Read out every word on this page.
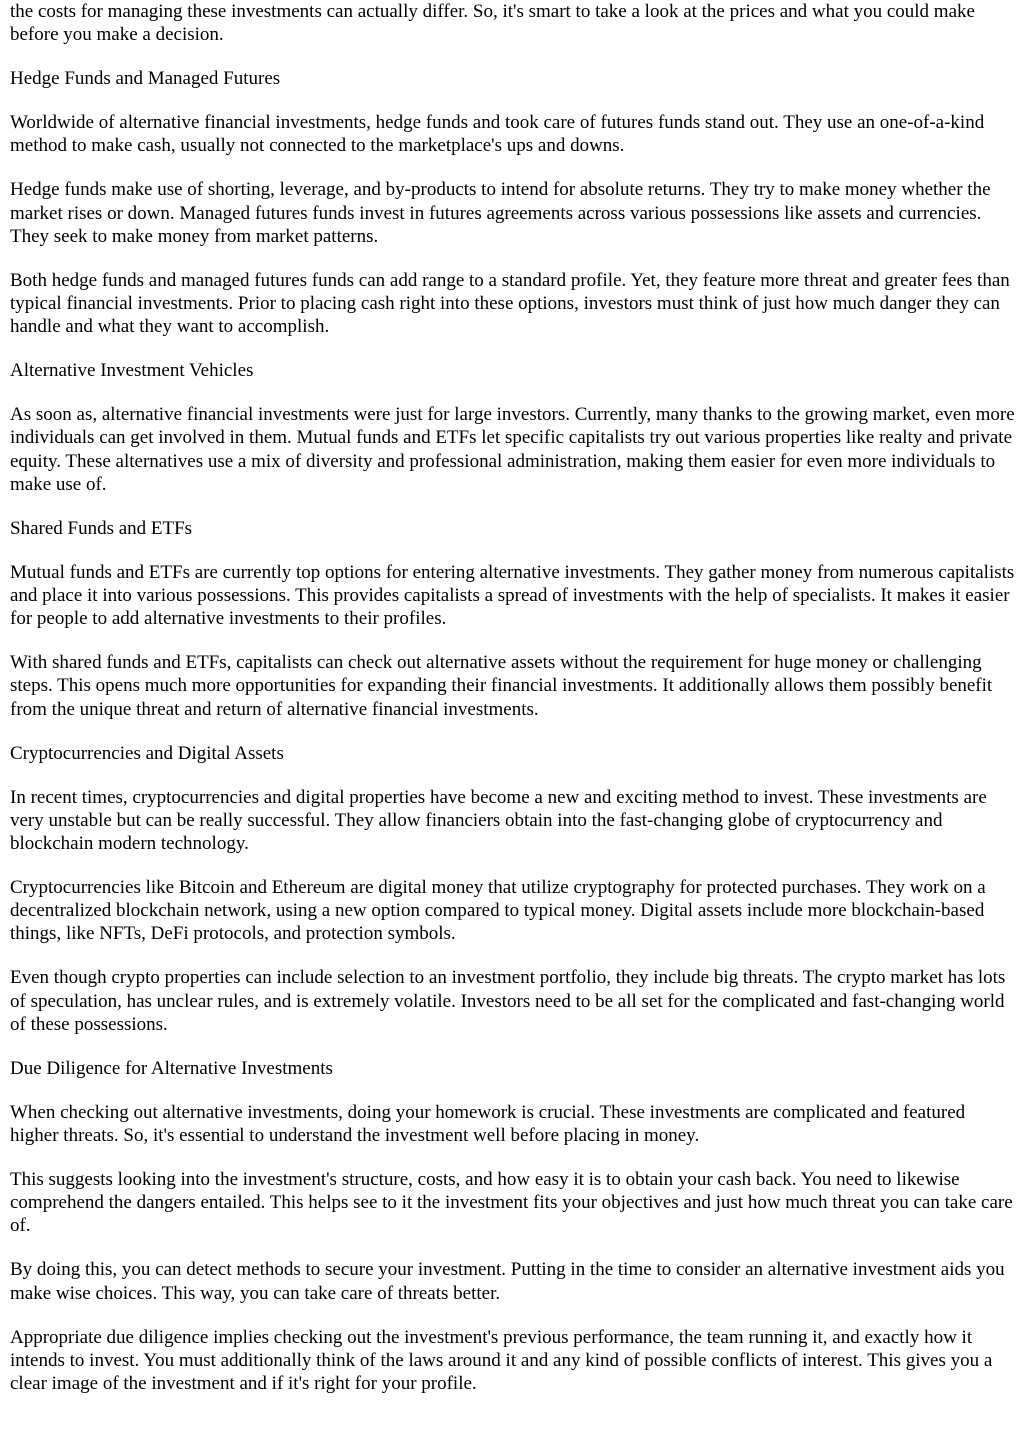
the costs for managing these investments can actually differ. So, it's smart to take a look at the prices and what you could make before you make a decision.

Hedge Funds and Managed Futures

Worldwide of alternative financial investments, hedge funds and took care of futures funds stand out. They use an one-of-a-kind method to make cash, usually not connected to the marketplace's ups and downs.

Hedge funds make use of shorting, leverage, and by-products to intend for absolute returns. They try to make money whether the market rises or down. Managed futures funds invest in futures agreements across various possessions like assets and currencies. They seek to make money from market patterns.

Both hedge funds and managed futures funds can add range to a standard profile. Yet, they feature more threat and greater fees than typical financial investments. Prior to placing cash right into these options, investors must think of just how much danger they can handle and what they want to accomplish.

Alternative Investment Vehicles

As soon as, alternative financial investments were just for large investors. Currently, many thanks to the growing market, even more individuals can get involved in them. Mutual funds and ETFs let specific capitalists try out various properties like realty and private equity. These alternatives use a mix of diversity and professional administration, making them easier for even more individuals to make use of.

Shared Funds and ETFs

Mutual funds and ETFs are currently top options for entering alternative investments. They gather money from numerous capitalists and place it into various possessions. This provides capitalists a spread of investments with the help of specialists. It makes it easier for people to add alternative investments to their profiles.

With shared funds and ETFs, capitalists can check out alternative assets without the requirement for huge money or challenging steps. This opens much more opportunities for expanding their financial investments. It additionally allows them possibly benefit from the unique threat and return of alternative financial investments.

Cryptocurrencies and Digital Assets

In recent times, cryptocurrencies and digital properties have become a new and exciting method to invest. These investments are very unstable but can be really successful. They allow financiers obtain into the fast-changing globe of cryptocurrency and blockchain modern technology.

Cryptocurrencies like Bitcoin and Ethereum are digital money that utilize cryptography for protected purchases. They work on a decentralized blockchain network, using a new option compared to typical money. Digital assets include more blockchain-based things, like NFTs, DeFi protocols, and protection symbols.

Even though crypto properties can include selection to an investment portfolio, they include big threats. The crypto market has lots of speculation, has unclear rules, and is extremely volatile. Investors need to be all set for the complicated and fast-changing world of these possessions.

Due Diligence for Alternative Investments

When checking out alternative investments, doing your homework is crucial. These investments are complicated and featured higher threats. So, it's essential to understand the investment well before placing in money.

This suggests looking into the investment's structure, costs, and how easy it is to obtain your cash back. You need to likewise comprehend the dangers entailed. This helps see to it the investment fits your objectives and just how much threat you can take care of.

By doing this, you can detect methods to secure your investment. Putting in the time to consider an alternative investment aids you make wise choices. This way, you can take care of threats better.

Appropriate due diligence implies checking out the investment's previous performance, the team running it, and exactly how it intends to invest. You must additionally think of the laws around it and any kind of possible conflicts of interest. This gives you a clear image of the investment and if it's right for your profile.
